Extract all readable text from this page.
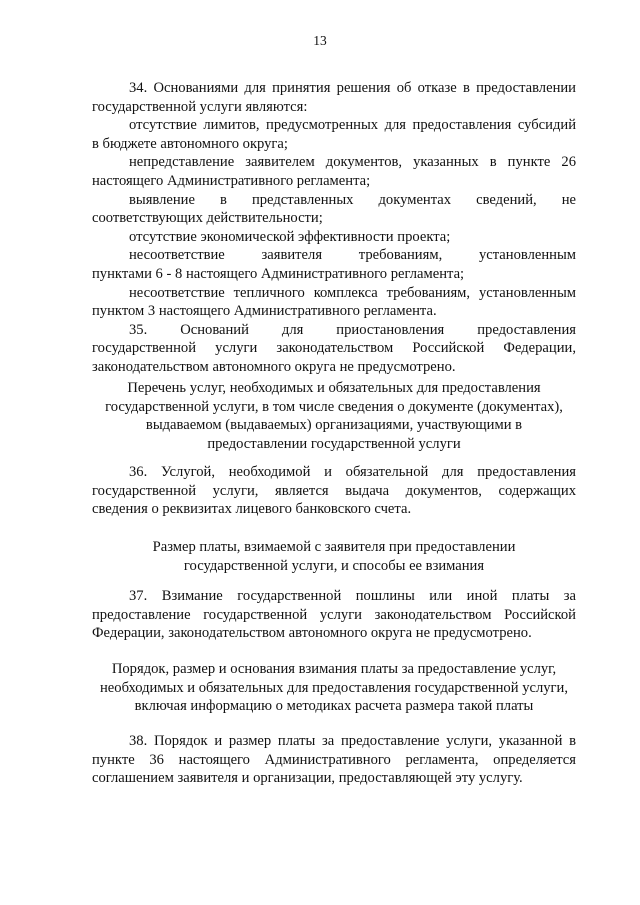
13
34. Основаниями для принятия решения об отказе в предоставлении
государственной услуги являются:
отсутствие лимитов, предусмотренных для предоставления субсидий
в бюджете автономного округа;
непредставление заявителем документов, указанных в пункте 26
настоящего Административного регламента;
выявление в представленных документах сведений, не
соответствующих действительности;
отсутствие экономической эффективности проекта;
несоответствие заявителя требованиям, установленным
пунктами 6 - 8 настоящего Административного регламента;
несоответствие тепличного комплекса требованиям, установленным
пунктом 3 настоящего Административного регламента.
35. Оснований для приостановления предоставления
государственной услуги законодательством Российской Федерации,
законодательством автономного округа не предусмотрено.
Перечень услуг, необходимых и обязательных для предоставления
государственной услуги, в том числе сведения о документе (документах),
выдаваемом (выдаваемых) организациями, участвующими в
предоставлении государственной услуги
36. Услугой, необходимой и обязательной для предоставления
государственной услуги, является выдача документов, содержащих
сведения о реквизитах лицевого банковского счета.
Размер платы, взимаемой с заявителя при предоставлении
государственной услуги, и способы ее взимания
37. Взимание государственной пошлины или иной платы за
предоставление государственной услуги законодательством Российской
Федерации, законодательством автономного округа не предусмотрено.
Порядок, размер и основания взимания платы за предоставление услуг,
необходимых и обязательных для предоставления государственной услуги,
включая информацию о методиках расчета размера такой платы
38. Порядок и размер платы за предоставление услуги, указанной в
пункте 36 настоящего Административного регламента, определяется
соглашением заявителя и организации, предоставляющей эту услугу.
